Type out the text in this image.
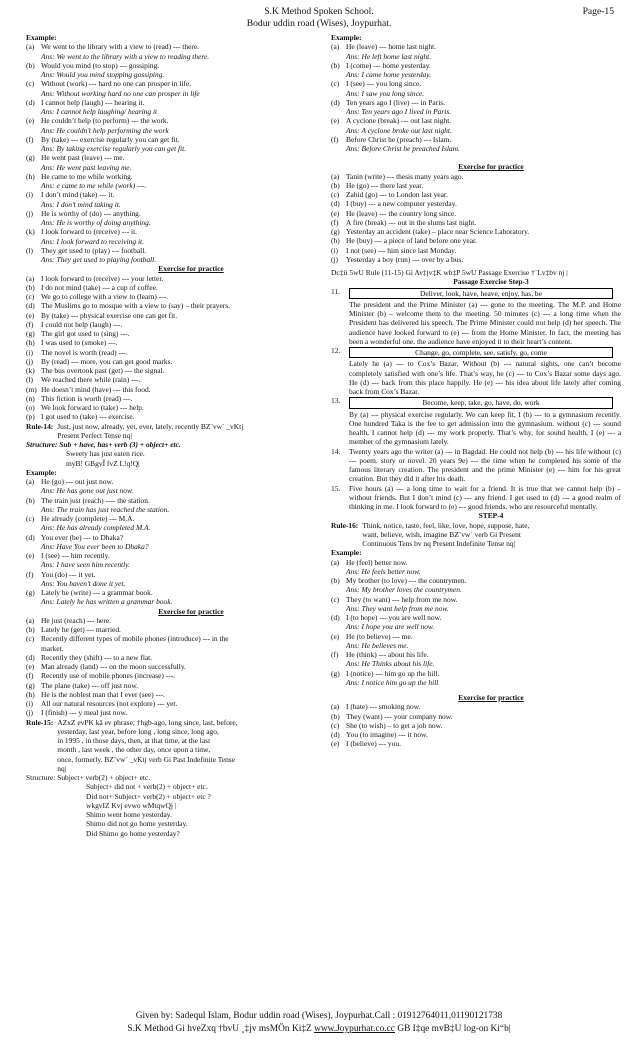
S.K Method Spoken School.
Bodur uddin road (Wises), Joypurhat.
Page-15
Example:
(a) We went to the library with a view to (read) --- there.
Ans: We went to the library with a view to reading there.
(b) Would you mind (to stop) --- gossiping.
Ans: Would you mind stopping gossiping.
(c) Without (work) --- hard no one can prosper in life.
Ans: Without working hard no one can prosper in life
(d) I cannot help (laugh) --- hearing it.
Ans: I cannot help laughing/ hearing it
(e) He couldn’t help (to perform) --- the work.
Ans: He couldn’t help performing the work
(f)	By (take) --- exercise regularly you can get fit.
Ans: By taking exercise regularly you can get fit.
(g) He went past (leave) --- me.
Ans: He went past leaving me.
(h) He came to me while working.
Ans: e came to me while (work) ---.
(i)	I don’t mind (take) --- it.
Ans: I don’t mind taking it.
(j)	He is worthy of (do) --- anything.
Ans: He is worthy of doing anything.
(k) I look forward to (receive) --- it.
Ans: I look forward to receiving it.
(l)	They get used to (play) --- football.
Ans: They get used to playing football.
Exercise for practice
(a) I look forward to (receive) --- your letter.
(b) I do not mind (take) --- a cup of coffee.
(c) We go to college with a view to (learn) ---.
(d) The Muslims go to mosque with a view to (say) – their prayers.
(e) By (take) --- physical exercise one can get fit.
(f)	I could not help (laugh) ---.
(g) The girl got used to (sing) ---.
(h) I was used to (smoke) ---.
(i)	The novel is worth (read) ---.
(j)	By (read) --- more, you can get good marks.
(k) The bus overtook past (get) --- the signal.
(l)	We reached there while (rain) ---.
(m) He doesn’t mind (have) --- this food.
(n) This fiction is worth (read) ---.
(o) We look forward to (take) --- help.
(p) I got used to (take) --- exercise.
Rule-14: Just, just now, already, yet, ever, lately, recently BZ¨vw` _vKtj
Present Perfect Tense nq|
Structure: Sub + have, has+ verb (3) + object+ etc.
Sweety has just eaten rice.
myB! GBgvÎ fvZ L!q!Q|
Example:
(a) He (go) --- out just now.
Ans: He has gone out just now.
(b) The train just (reach) ---- the station.
Ans: The train has just reached the station.
(c) He already (complete) --- M.A.
Ans: He has already completed M.A.
(d) You ever (be) --- to Dhaka?
Ans: Have You ever been to Dhaka?
(e) I (see) --- him recently.
Ans: I have seen him recently.
(f)	You (do) --- it yet.
Ans: You haven’t done it yet.
(g) Lately he (write) --- a grammar book.
Ans: Lately he has written a grammar book.
Exercise for practice
(a) He just (reach) --- here.
(b) Lately he (get) --- married.
(c) Recently different types of mobile phones (introduce) --- in the
market.
(d) Recently they (shift) --- to a new flat.
(e) Man already (land) --- on the moon successfully.
(f)	Recently use of mobile phones (increase) ---.
(g) The plane (take) --- off just now.
(h) He is the noblest man that I ever (see) ---.
(i)	All our natural resources (not explore) --- yet.
(j)	I (finish) --- y meal just now.
Rule-15: AZxZ evPK kã ev phrase; †hgb-ago, long since, last, before,
yesterday, last year, before long , long since, long ago,
in 1995 , in those days, then, at that time, at the last
month , last week , the other day, once upon a time,
once, formerly. BZ¨vw` _vKtj verb Gi Past Indefinite Tense
nq|
Structure: Subject+ verb(2) + object+ etc.
Subject+ did not + verb(2) + object+ etc.
Did not+ Subject+ verb(2) + object+ etc ?
wkgvIZ Kvj evwo wMtqwQj |
Shimo went home yesterday.
Shimo did not go home yesterday.
Did Shimo go home yesterday?
Example:
(a) He (leave) --- home last night.
Ans: He left home last night.
(b) I (come) --- home yesterday.
Ans: I came home yesterday.
(c) I (see) --- you long since.
Ans: I saw you long since.
(d) Ten years ago I (live) --- in Paris.
Ans: Ten years ago I lived in Paris.
(e) A cyclone (break) --- out last night.
Ans: A cyclone broke out last night.
(f)	Before Christ he (preach) --- Islam.
Ans: Before Christ he preached Islam.
Exercise for practice
(a) Tanin (write) --- thesis many years ago.
(b) He (go) --- there last year.
(c) Zahid (go) --- to London last year.
(d) I (buy) --- a new computer yesterday.
(e) He (leave) --- the country long since.
(f)	A fire (break) --- out in the slums last night.
(g) Yesterday an accident (take) – place near Science Laboratory.
(h) He (buy) --- a piece of land before one year.
(i)	I not (see) --- him since last Monday.
(j)	Yesterday a boy (run) --- over by a bus.
Dc‡ii 5wU Rule (11-15) Gi Av‡jv‡K wb‡P 5wU Passage Exercise †`Lv‡bv nj |
Passage Exercise Step-3
11.	Deliver, look, have, heave, enjoy, has, be
The president and the Prime Minister (a) --- gone to the meeting. The M.P. and Home Minister (b) – welcome them to the meeting. 50 minutes (c) --- a long time when the President has delivered his speech. The Prime Minister could not help (d) her speech. The audience have looked forward to (e) --- from the Home Minister. In fact, the meeting has been a wonderful one. the audience have enjoyed it to their heart’s content.
12.	Change, go, complete, see, satisfy, go, come
Lately he (a) --- to Cox’s Bazar, Without (b) --- natural sights, one can’t become completely satisfied with one’s life. That’s way, he (c) --- to Cox’s Bazar some days ago. He (d) --- back from this place happily. He (e) --- his idea about life lately after coming back from Cox’s Bazar.
13.	Become, keep, take, go, have, do, work
By (a) --- physical exercise regularly. We can keep fit, I (b) --- to a gymnasium recently. One hundred Taka is the fee to get admission into the gymnasium. without (c) --- sound health, I cannot help (d) --- my work properly. That’s why, for sound health, I (e) --- a member of the gymnasium lately.
14.	Twenty years ago the writer (a) --- in Bagdad. He could not help (b) --- his life without (c) --- poem. story or novel. 20 years 9e) --- the time when he completed his some of the famous literary creation. The president and the prime Minister (e) --- him for his great creation. But they did it after his death.
15.	Five hours (a) --- a long time to wait for a friend. It is true that we cannot help (b) – without friends. But I don’t mind (c) --- any friend. I get used to (d) --- a good realm of thinking in me. I look forward to (e) --- good friends, who are resourceful mentally.
STEP-4
Rule-16: Think, notice, taste, feel, like, love, hope, suppose, hate,
want, believe, wish, imagine BZ¨vw` verb Gi Present
Continuous Tens bv nq Present Indefinite Tense nq|
Example:
(a) He (feel) better now.
Ans: He feels better now.
(b) My brother (to love) --- the countrymen.
Ans: My brother loves the countrymen.
(c) They (to want) --- help from me now.
Ans: They want help from me now.
(d) I (to hope) --- you are well now.
Ans: I hope you are well now.
(e) He (to believe) --- me.
Ans: He believes me.
(f)	He (think) --- about his life.
Ans: He Thinks about his life.
(g) I (notice) --- him go up the hill.
Ans: I notice him go up the hill
Exercise for practice
(a) I (hate) --- smoking now.
(b) They (want) --- your company now.
(c) She (to wish) – to get a job now.
(d) You (to imagine) --- it now.
(e) I (believe) --- you.
Given by: Sadequl Islam, Bodur uddin road (Wises), Joypurhat.Call : 01912764011,01190121738
S.K Method Gi hveZxq †bvU ¸‡jv msMÖn Ki‡Z www.Joypurhat.co.cc GB I‡qe mvB‡U log-on Ki“b|
